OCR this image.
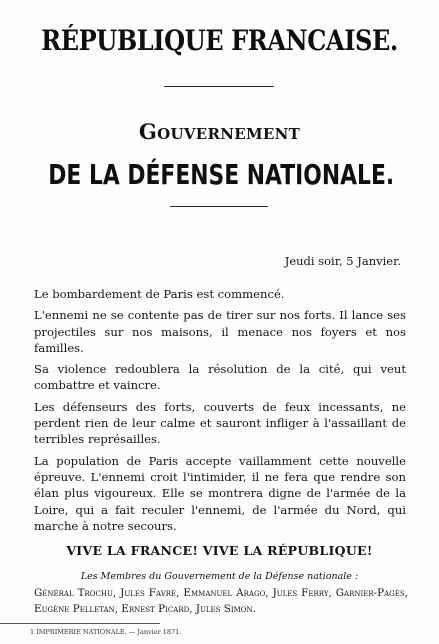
RÉPUBLIQUE FRANCAISE.
Gouvernement
DE LA DÉFENSE NATIONALE.
Jeudi soir, 5 Janvier.

Le bombardement de Paris est commencé.

L'ennemi ne se contente pas de tirer sur nos forts. Il lance ses projectiles sur nos maisons, il menace nos foyers et nos familles.

Sa violence redoublera la résolution de la cité, qui veut combattre et vaincre.

Les défenseurs des forts, couverts de feux incessants, ne perdent rien de leur calme et sauront infliger à l'assaillant de terribles représailles.

La population de Paris accepte vaillamment cette nouvelle épreuve. L'ennemi croit l'intimider, il ne fera que rendre son élan plus vigoureux. Elle se montrera digne de l'armée de la Loire, qui a fait reculer l'ennemi, de l'armée du Nord, qui marche à notre secours.

VIVE LA FRANCE! VIVE LA RÉPUBLIQUE!
Les Membres du Gouvernement de la Défense nationale :
Général Trochu, Jules Favre, Emmanuel Arago, Jules Ferry, Garnier-Pagès, Eugène Pelletan, Ernest Picard, Jules Simon.
1 IMPRIMERIE NATIONALE. — Janvier 1871.
